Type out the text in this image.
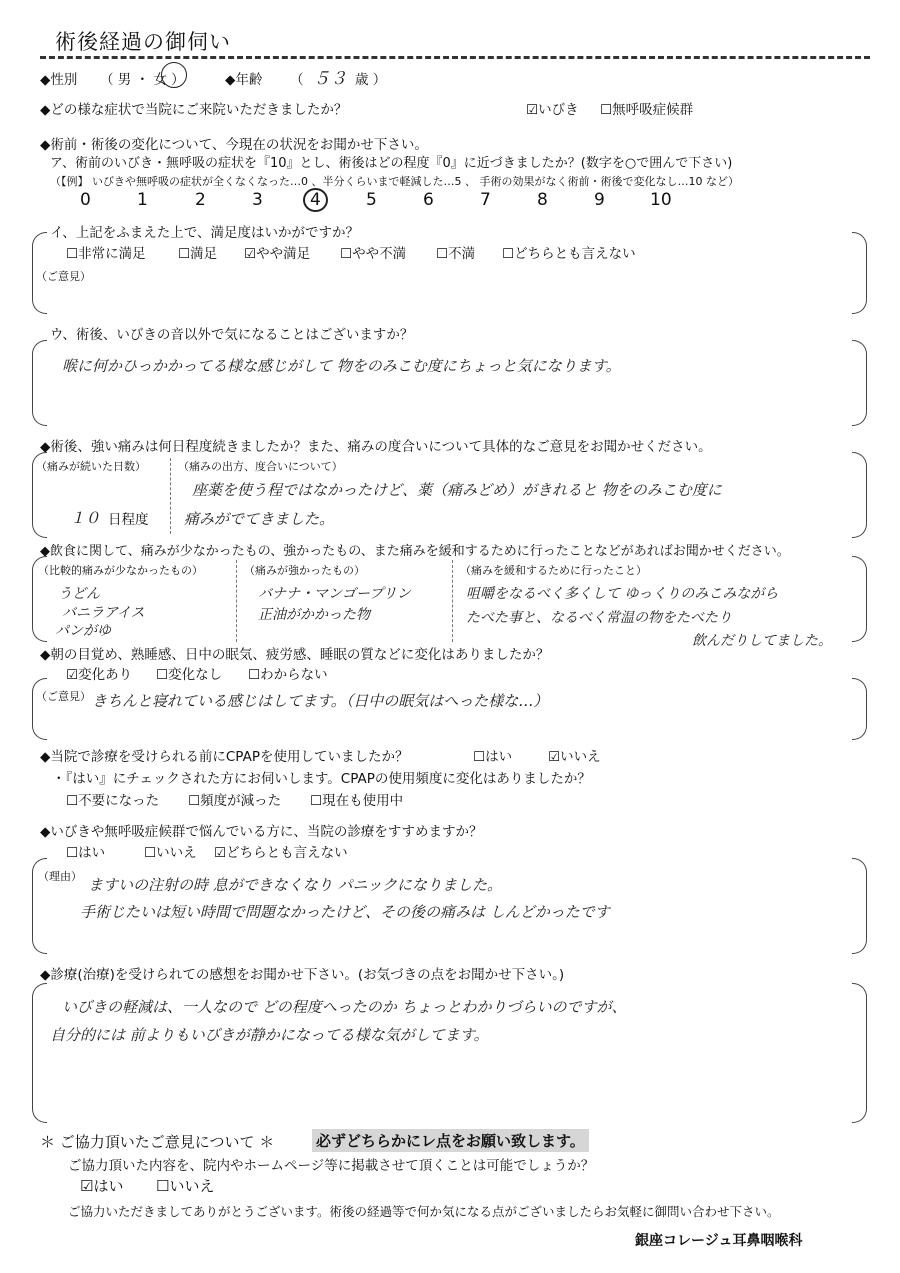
術後経過の御伺い
◆性別 （ 男 ・ 女 ）	◆年齢 （ ５３ 歳 ）
◆どの様な症状で当院にご来院いただきましたか？	☑いびき ☐無呼吸症候群
◆術前・術後の変化について、今現在の状況をお聞かせ下さい。
ア、術前のいびき・無呼吸の症状を『10』とし、術後はどの程度『0』に近づきましたか？(数字を○で囲んで下さい)
（【例】 いびきや無呼吸の症状が全くなくなった…0 、半分くらいまで軽減した…5 、 手術の効果がなく術前・術後で変化なし…10 など）
0	1	2	3	4	5	6	7	8	9	10
イ、上記をふまえた上で、満足度はいかがですか？
☐非常に満足 ☐満足 ☑やや満足 ☐やや不満 ☐不満 ☐どちらとも言えない
（ご意見）
ウ、術後、いびきの音以外で気になることはございますか？
喉に何かひっかかってる様な感じがして 物をのみこむ度にちょっと気になります。
◆術後、強い痛みは何日程度続きましたか？また、痛みの度合いについて具体的なご意見をお聞かせください。
（痛みが続いた日数）
１０ 日程度
（痛みの出方、度合いについて）
座薬を使う程ではなかったけど、薬（痛みどめ）がきれると 物をのみこむ度に
痛みがでてきました。
◆飲食に関して、痛みが少なかったもの、強かったもの、また痛みを緩和するために行ったことなどがあればお聞かせください。
（比較的痛みが少なかったもの）
うどん
バニラアイス
パンがゆ
（痛みが強かったもの）
バナナ・マンゴープリン
正油がかかった物
（痛みを緩和するために行ったこと）
咀嚼をなるべく多くして ゆっくりのみこみながら
たべた事と、なるべく常温の物をたべたり
飲んだりしてました。
◆朝の目覚め、熟睡感、日中の眠気、疲労感、睡眠の質などに変化はありましたか？
☑変化あり ☐変化なし ☐わからない
（ご意見） きちんと寝れている感じはしてます。（日中の眠気はへった様な…）
◆当院で診療を受けられる前にCPAPを使用していましたか？	☐はい	☑いいえ
・『はい』にチェックされた方にお伺いします。CPAPの使用頻度に変化はありましたか？
☐不要になった ☐頻度が減った ☐現在も使用中
◆いびきや無呼吸症候群で悩んでいる方に、当院の診療をすすめますか？
☐はい	☐いいえ ☑どちらとも言えない
（理由） ますいの注射の時 息ができなくなり パニックになりました。
手術じたいは短い時間で問題なかったけど、その後の痛みは しんどかったです
◆診療(治療)を受けられての感想をお聞かせ下さい。(お気づきの点をお聞かせ下さい。)
いびきの軽減は、一人なので どの程度へったのか ちょっとわかりづらいのですが、
自分的には 前よりもいびきが静かになってる様な気がしてます。
＊ ご協力頂いたご意見について ＊	必ずどちらかにレ点をお願い致します。
ご協力頂いた内容を、院内やホームページ等に掲載させて頂くことは可能でしょうか？
☑はい ☐いいえ
ご協力いただきましてありがとうございます。術後の経過等で何か気になる点がございましたらお気軽に御問い合わせ下さい。
銀座コレージュ耳鼻咽喉科
